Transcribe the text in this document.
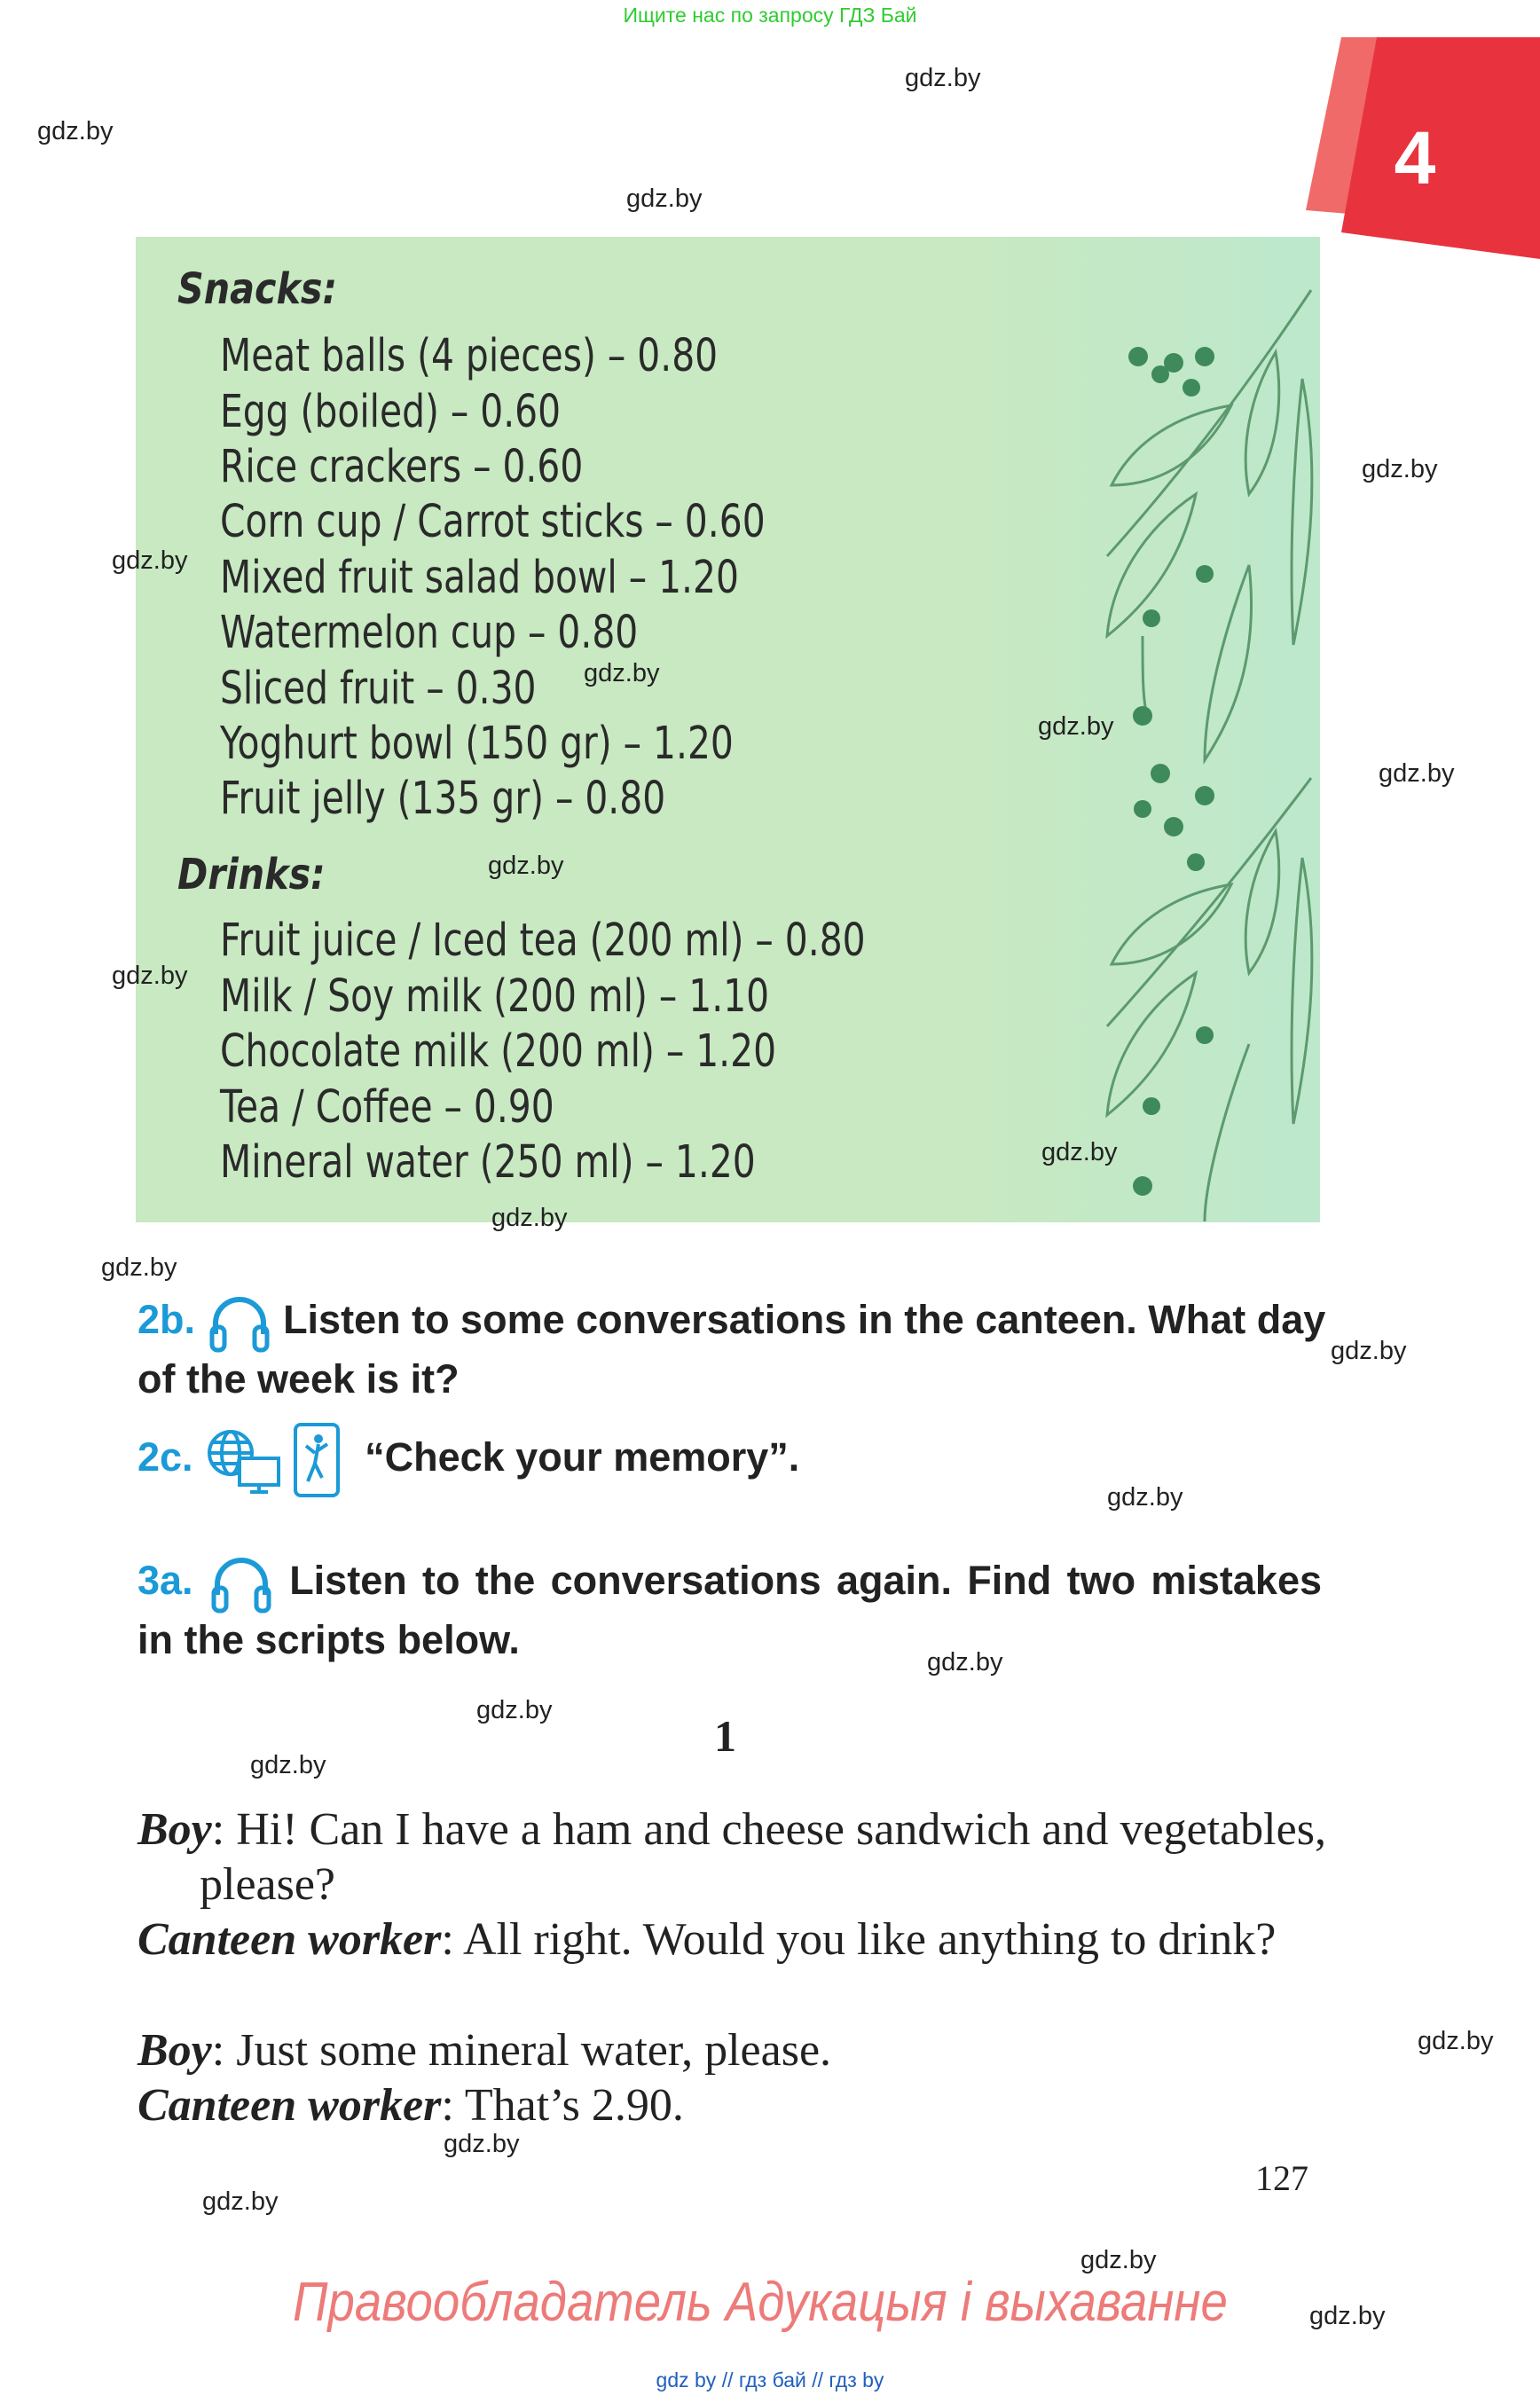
Ищите нас по запросу ГДЗ Бай
4
gdz.by
gdz.by
gdz.by
gdz.by
Snacks:
Meat balls (4 pieces) – 0.80
Egg (boiled) – 0.60
Rice crackers – 0.60
Corn cup / Carrot sticks – 0.60
Mixed fruit salad bowl – 1.20
Watermelon cup – 0.80
Sliced fruit – 0.30
Yoghurt bowl (150 gr) – 1.20
Fruit jelly (135 gr) – 0.80
Drinks:
Fruit juice / Iced tea (200 ml) – 0.80
Milk / Soy milk (200 ml) – 1.10
Chocolate milk (200 ml) – 1.20
Tea / Coffee – 0.90
Mineral water (250 ml) – 1.20
gdz.by
gdz.by
gdz.by
gdz.by
gdz.by
gdz.by
gdz.by
gdz.by
gdz.by
2b. Listen to some conversations in the canteen. What day of the week is it?
gdz.by
2c.	“Check your memory”.
gdz.by
3a. Listen to the conversations again. Find two mistakes in the scripts below.	gdz.by
gdz.by
gdz.by
1
Boy: Hi! Can I have a ham and cheese sandwich and vegetables, please?
Canteen worker: All right. Would you like anything to drink?
Boy: Just some mineral water, please.
Canteen worker: That’s 2.90.
gdz.by
gdz.by
gdz.by
127
gdz.by
Правообладатель Адукацыя і выхаванне	gdz.by
gdz by // гдз бай // гдз by
